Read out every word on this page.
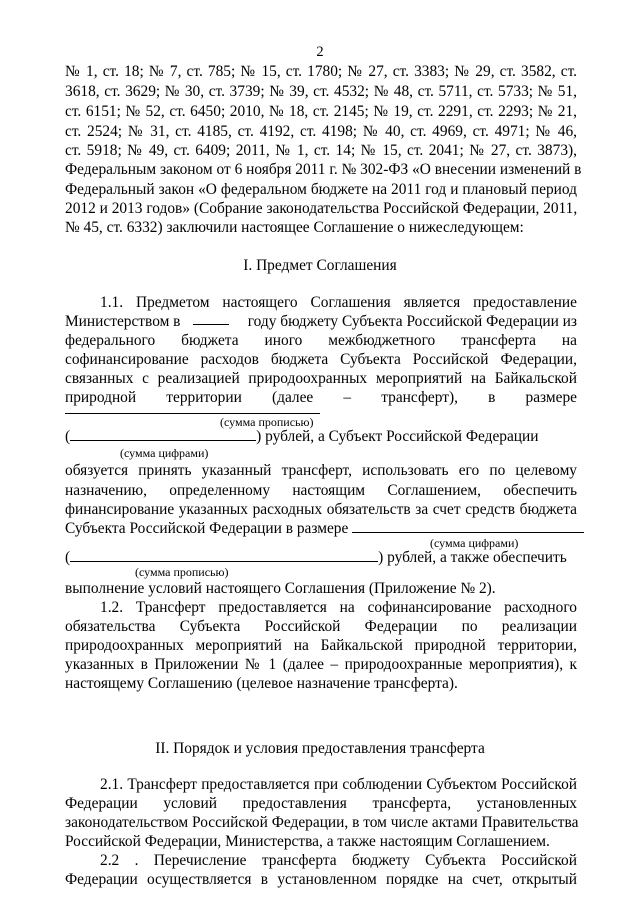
2
№ 1, ст. 18; № 7, ст. 785; № 15, ст. 1780; № 27, ст. 3383; № 29, ст. 3582, ст.
3618, ст. 3629; № 30, ст. 3739; № 39, ст. 4532; № 48, ст. 5711, ст. 5733; № 51,
ст. 6151; № 52, ст. 6450; 2010, № 18, ст. 2145; № 19, ст. 2291, ст. 2293; № 21,
ст. 2524; № 31, ст. 4185, ст. 4192, ст. 4198; № 40, ст. 4969, ст. 4971; № 46,
ст. 5918; № 49, ст. 6409; 2011, № 1, ст. 14; № 15, ст. 2041; № 27, ст. 3873),
Федеральным законом от 6 ноября 2011 г. № 302-ФЗ «О внесении изменений в
Федеральный закон «О федеральном бюджете на 2011 год и плановый период
2012 и 2013 годов» (Собрание законодательства Российской Федерации, 2011,
№ 45, ст. 6332) заключили настоящее Соглашение о нижеследующем:
I. Предмет Соглашения
1.1. Предметом настоящего Соглашения является предоставление
Министерством в	году бюджету Субъекта Российской Федерации из
федерального бюджета иного межбюджетного трансферта на
софинансирование расходов бюджета Субъекта Российской Федерации,
связанных с реализацией природоохранных мероприятий на Байкальской
природной территории (далее – трансферт), в размере
(сумма прописью)
(	) рублей, а Субъект Российской Федерации
(сумма цифрами)
обязуется принять указанный трансферт, использовать его по целевому
назначению, определенному настоящим Соглашением, обеспечить
финансирование указанных расходных обязательств за счет средств бюджета
Субъекта Российской Федерации в размере
(сумма цифрами)
(	) рублей, а также обеспечить
(сумма прописью)
выполнение условий настоящего Соглашения (Приложение № 2).
1.2. Трансферт предоставляется на софинансирование расходного
обязательства Субъекта Российской Федерации по реализации
природоохранных мероприятий на Байкальской природной территории,
указанных в Приложении № 1 (далее – природоохранные мероприятия), к
настоящему Соглашению (целевое назначение трансферта).
II. Порядок и условия предоставления трансферта
2.1. Трансферт предоставляется при соблюдении Субъектом Российской
Федерации условий предоставления трансферта, установленных
законодательством Российской Федерации, в том числе актами Правительства
Российской Федерации, Министерства, а также настоящим Соглашением.
2.2 . Перечисление трансферта бюджету Субъекта Российской
Федерации осуществляется в установленном порядке на счет, открытый
